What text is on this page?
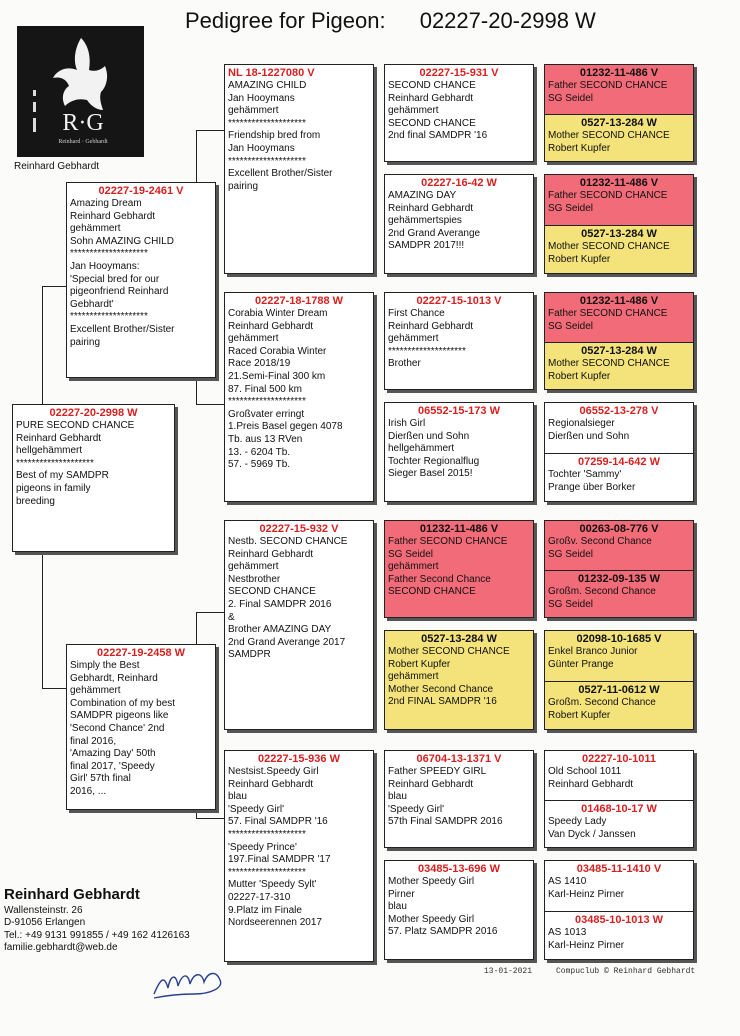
Pedigree for Pigeon: 02227-20-2998 W
R·G
Reinhard · Gebhardt
Reinhard Gebhardt
02227-20-2998 W
PURE SECOND CHANCE
Reinhard Gebhardt
hellgehämmert
********************
Best of my SAMDPR
pigeons in family
breeding
02227-19-2461 V
Amazing Dream
Reinhard Gebhardt
gehämmert
Sohn AMAZING CHILD
********************
Jan Hooymans:
'Special bred for our
pigeonfriend Reinhard
Gebhardt'
********************
Excellent Brother/Sister
pairing
02227-19-2458 W
Simply the Best
Gebhardt, Reinhard
gehämmert
Combination of my best
SAMDPR pigeons like
'Second Chance' 2nd
final 2016,
'Amazing Day' 50th
final 2017, 'Speedy
Girl' 57th final
2016, ...
NL 18-1227080 V
AMAZING CHILD
Jan Hooymans
gehämmert
********************
Friendship bred from
Jan Hooymans
********************
Excellent Brother/Sister
pairing
02227-18-1788 W
Corabia Winter Dream
Reinhard Gebhardt
gehämmert
Raced Corabia Winter
Race 2018/19
21.Semi-Final 300 km
87. Final 500 km
********************
Großvater erringt
1.Preis Basel gegen 4078
Tb. aus 13 RVen
13. - 6204 Tb.
57. - 5969 Tb.
02227-15-932 V
Nestb. SECOND CHANCE
Reinhard Gebhardt
gehämmert
Nestbrother
SECOND CHANCE
2. Final SAMDPR 2016
&
Brother AMAZING DAY
2nd Grand Averange 2017
SAMDPR
02227-15-936 W
Nestsist.Speedy Girl
Reinhard Gebhardt
blau
'Speedy Girl'
57. Final SAMDPR '16
********************
'Speedy Prince'
197.Final SAMDPR '17
********************
Mutter 'Speedy Sylt'
02227-17-310
9.Platz im Finale
Nordseerennen 2017
02227-15-931 V
SECOND CHANCE
Reinhard Gebhardt
gehämmert
SECOND CHANCE
2nd final SAMDPR '16
02227-16-42 W
AMAZING DAY
Reinhard Gebhardt
gehämmertspies
2nd Grand Averange
SAMDPR 2017!!!
02227-15-1013 V
First Chance
Reinhard Gebhardt
gehämmert
********************
Brother
06552-15-173 W
Irish Girl
Dierßen und Sohn
hellgehämmert
Tochter Regionalflug
Sieger Basel 2015!
01232-11-486 V
Father SECOND CHANCE
SG Seidel
gehämmert
Father Second Chance
SECOND CHANCE
0527-13-284 W
Mother SECOND CHANCE
Robert Kupfer
gehämmert
Mother Second Chance
2nd FINAL SAMDPR '16
06704-13-1371 V
Father SPEEDY GIRL
Reinhard Gebhardt
blau
'Speedy Girl'
57th Final SAMDPR 2016
03485-13-696 W
Mother Speedy Girl
Pirner
blau
Mother Speedy Girl
57. Platz SAMDPR 2016
01232-11-486 V
Father SECOND CHANCE
SG Seidel
0527-13-284 W
Mother SECOND CHANCE
Robert Kupfer
01232-11-486 V
Father SECOND CHANCE
SG Seidel
0527-13-284 W
Mother SECOND CHANCE
Robert Kupfer
01232-11-486 V
Father SECOND CHANCE
SG Seidel
0527-13-284 W
Mother SECOND CHANCE
Robert Kupfer
06552-13-278 V
Regionalsieger
Dierßen und Sohn
07259-14-642 W
Tochter 'Sammy'
Prange über Borker
00263-08-776 V
Großv. Second Chance
SG Seidel
01232-09-135 W
Großm. Second Chance
SG Seidel
02098-10-1685 V
Enkel Branco Junior
Günter Prange
0527-11-0612 W
Großm. Second Chance
Robert Kupfer
02227-10-1011
Old School 1011
Reinhard Gebhardt
01468-10-17 W
Speedy Lady
Van Dyck / Janssen
03485-11-1410 V
AS 1410
Karl-Heinz Pirner
03485-10-1013 W
AS 1013
Karl-Heinz Pirner
Reinhard Gebhardt
Wallensteinstr. 26
D-91056 Erlangen
Tel.: +49 9131 991855 / +49 162 4126163
familie.gebhardt@web.de
13-01-2021	Compuclub © Reinhard Gebhardt
